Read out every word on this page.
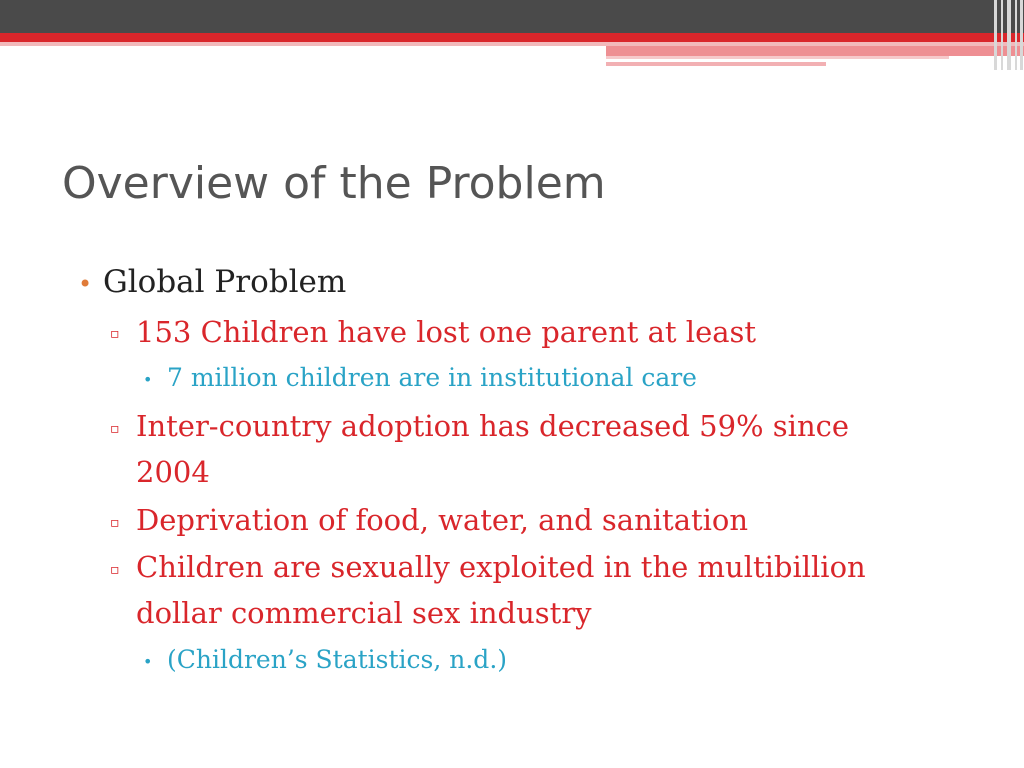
Overview of the Problem
• Global Problem
▫ 153 Children have lost one parent at least
• 7 million children are in institutional care
▫ Inter-country adoption has decreased 59% since
2004
▫ Deprivation of food, water, and sanitation
▫ Children are sexually exploited in the multibillion
dollar commercial sex industry
• (Children’s Statistics, n.d.)
